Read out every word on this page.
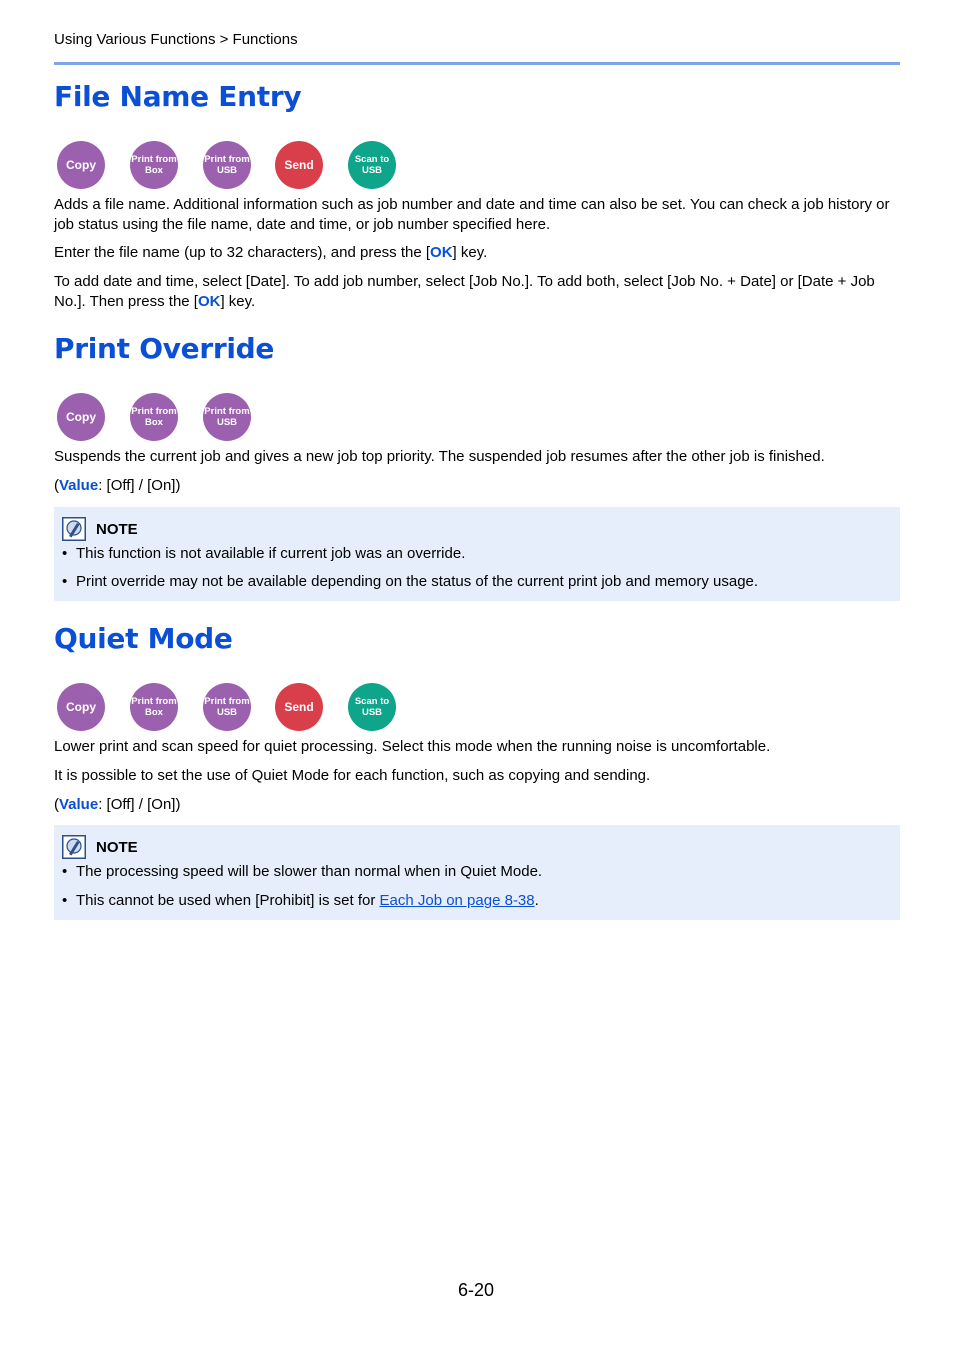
Using Various Functions > Functions
File Name Entry
Copy	Print from
Box
Print from
USB	Send	Scan to
USB

Adds a file name. Additional information such as job number and date and time can also be set. You can check a job history or job status using the file name, date and time, or job number specified here.

Enter the file name (up to 32 characters), and press the [OK] key.

To add date and time, select [Date]. To add job number, select [Job No.]. To add both, select [Job No. + Date] or [Date + Job No.]. Then press the [OK] key.

Print Override
Copy	Print from
Box
Print from
USB

Suspends the current job and gives a new job top priority. The suspended job resumes after the other job is finished.

(Value: [Off] / [On])

NOTE
• This function is not available if current job was an override.
• Print override may not be available depending on the status of the current print job and memory usage.
Quiet Mode
Copy	Print from
Box
Print from
USB	Send	Scan to
USB

Lower print and scan speed for quiet processing. Select this mode when the running noise is uncomfortable.

It is possible to set the use of Quiet Mode for each function, such as copying and sending.

(Value: [Off] / [On])

NOTE
• The processing speed will be slower than normal when in Quiet Mode.
• This cannot be used when [Prohibit] is set for Each Job on page 8-38.
6-20
